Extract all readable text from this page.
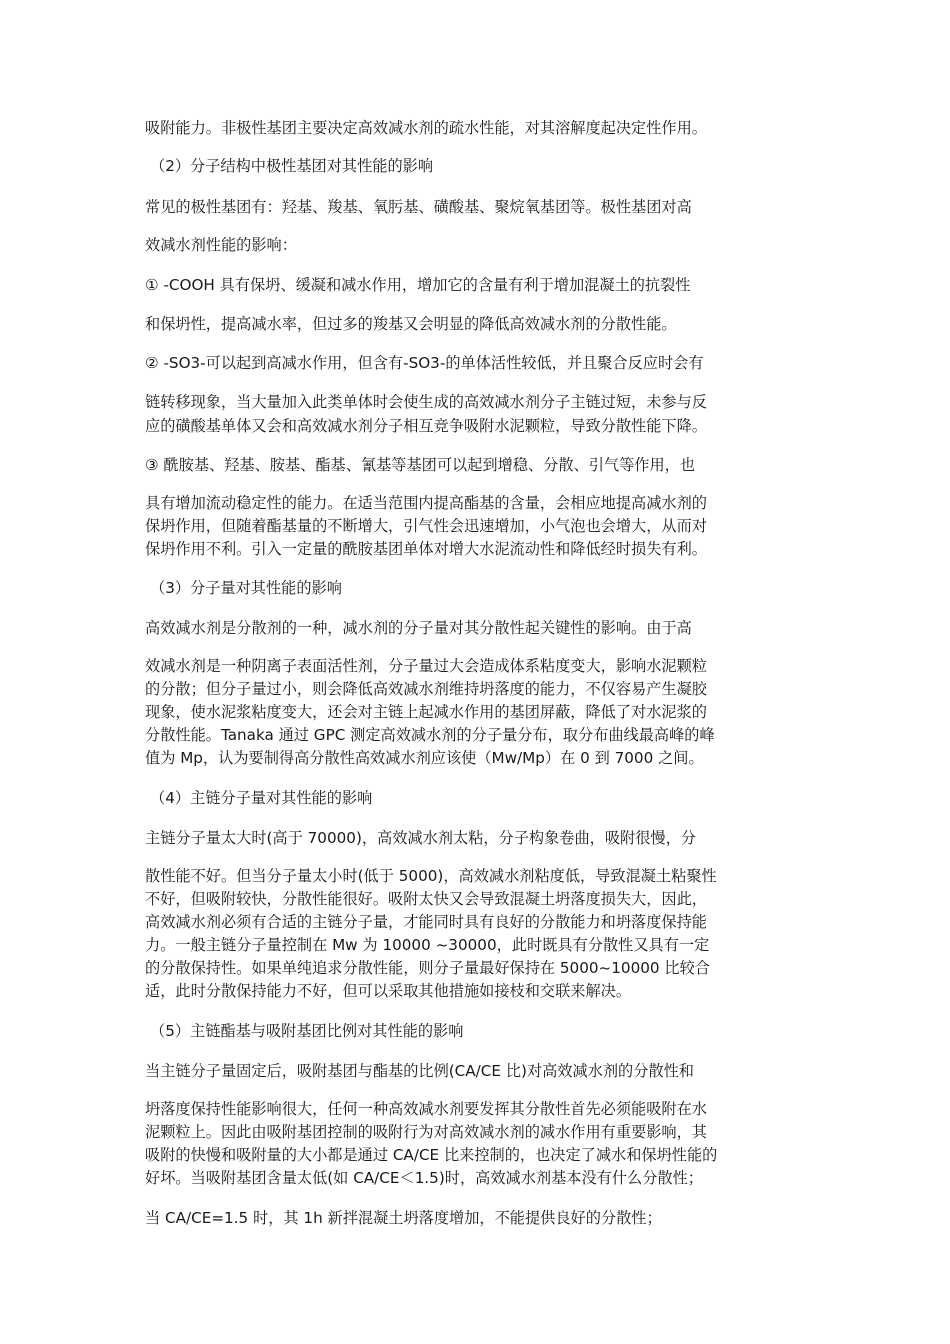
吸附能力。非极性基团主要决定高效减水剂的疏水性能，对其溶解度起决定性作用。
（2）分子结构中极性基团对其性能的影响
常见的极性基团有：羟基、羧基、氧肟基、磺酸基、聚烷氧基团等。极性基团对高
效减水剂性能的影响：
① -COOH 具有保坍、缓凝和减水作用，增加它的含量有利于增加混凝土的抗裂性
和保坍性，提高减水率，但过多的羧基又会明显的降低高效减水剂的分散性能。
② -SO3-可以起到高减水作用，但含有-SO3-的单体活性较低，并且聚合反应时会有
链转移现象，当大量加入此类单体时会使生成的高效减水剂分子主链过短，未参与反
应的磺酸基单体又会和高效减水剂分子相互竞争吸附水泥颗粒，导致分散性能下降。
③ 酰胺基、羟基、胺基、酯基、氰基等基团可以起到增稳、分散、引气等作用，也
具有增加流动稳定性的能力。在适当范围内提高酯基的含量，会相应地提高减水剂的
保坍作用，但随着酯基量的不断增大，引气性会迅速增加，小气泡也会增大，从而对
保坍作用不利。引入一定量的酰胺基团单体对增大水泥流动性和降低经时损失有利。
（3）分子量对其性能的影响
高效减水剂是分散剂的一种，减水剂的分子量对其分散性起关键性的影响。由于高
效减水剂是一种阴离子表面活性剂，分子量过大会造成体系粘度变大，影响水泥颗粒
的分散；但分子量过小，则会降低高效减水剂维持坍落度的能力，不仅容易产生凝胶
现象，使水泥浆粘度变大，还会对主链上起减水作用的基团屏蔽，降低了对水泥浆的
分散性能。Tanaka 通过 GPC 测定高效减水剂的分子量分布，取分布曲线最高峰的峰
值为 Mp，认为要制得高分散性高效减水剂应该使（Mw/Mp）在 0 到 7000 之间。
（4）主链分子量对其性能的影响
主链分子量太大时(高于 70000)，高效减水剂太粘，分子构象卷曲，吸附很慢，分
散性能不好。但当分子量太小时(低于 5000)，高效减水剂粘度低，导致混凝土粘聚性
不好，但吸附较快，分散性能很好。吸附太快又会导致混凝土坍落度损失大，因此，
高效减水剂必须有合适的主链分子量，才能同时具有良好的分散能力和坍落度保持能
力。一般主链分子量控制在 Mw 为 10000 ~30000，此时既具有分散性又具有一定
的分散保持性。如果单纯追求分散性能，则分子量最好保持在 5000~10000 比较合
适，此时分散保持能力不好，但可以采取其他措施如接枝和交联来解决。
（5）主链酯基与吸附基团比例对其性能的影响
当主链分子量固定后，吸附基团与酯基的比例(CA/CE 比)对高效减水剂的分散性和
坍落度保持性能影响很大，任何一种高效减水剂要发挥其分散性首先必须能吸附在水
泥颗粒上。因此由吸附基团控制的吸附行为对高效减水剂的减水作用有重要影响，其
吸附的快慢和吸附量的大小都是通过 CA/CE 比来控制的，也决定了减水和保坍性能的
好坏。当吸附基团含量太低(如 CA/CE＜1.5)时，高效减水剂基本没有什么分散性；
当 CA/CE=1.5 时，其 1h 新拌混凝土坍落度增加，不能提供良好的分散性；
